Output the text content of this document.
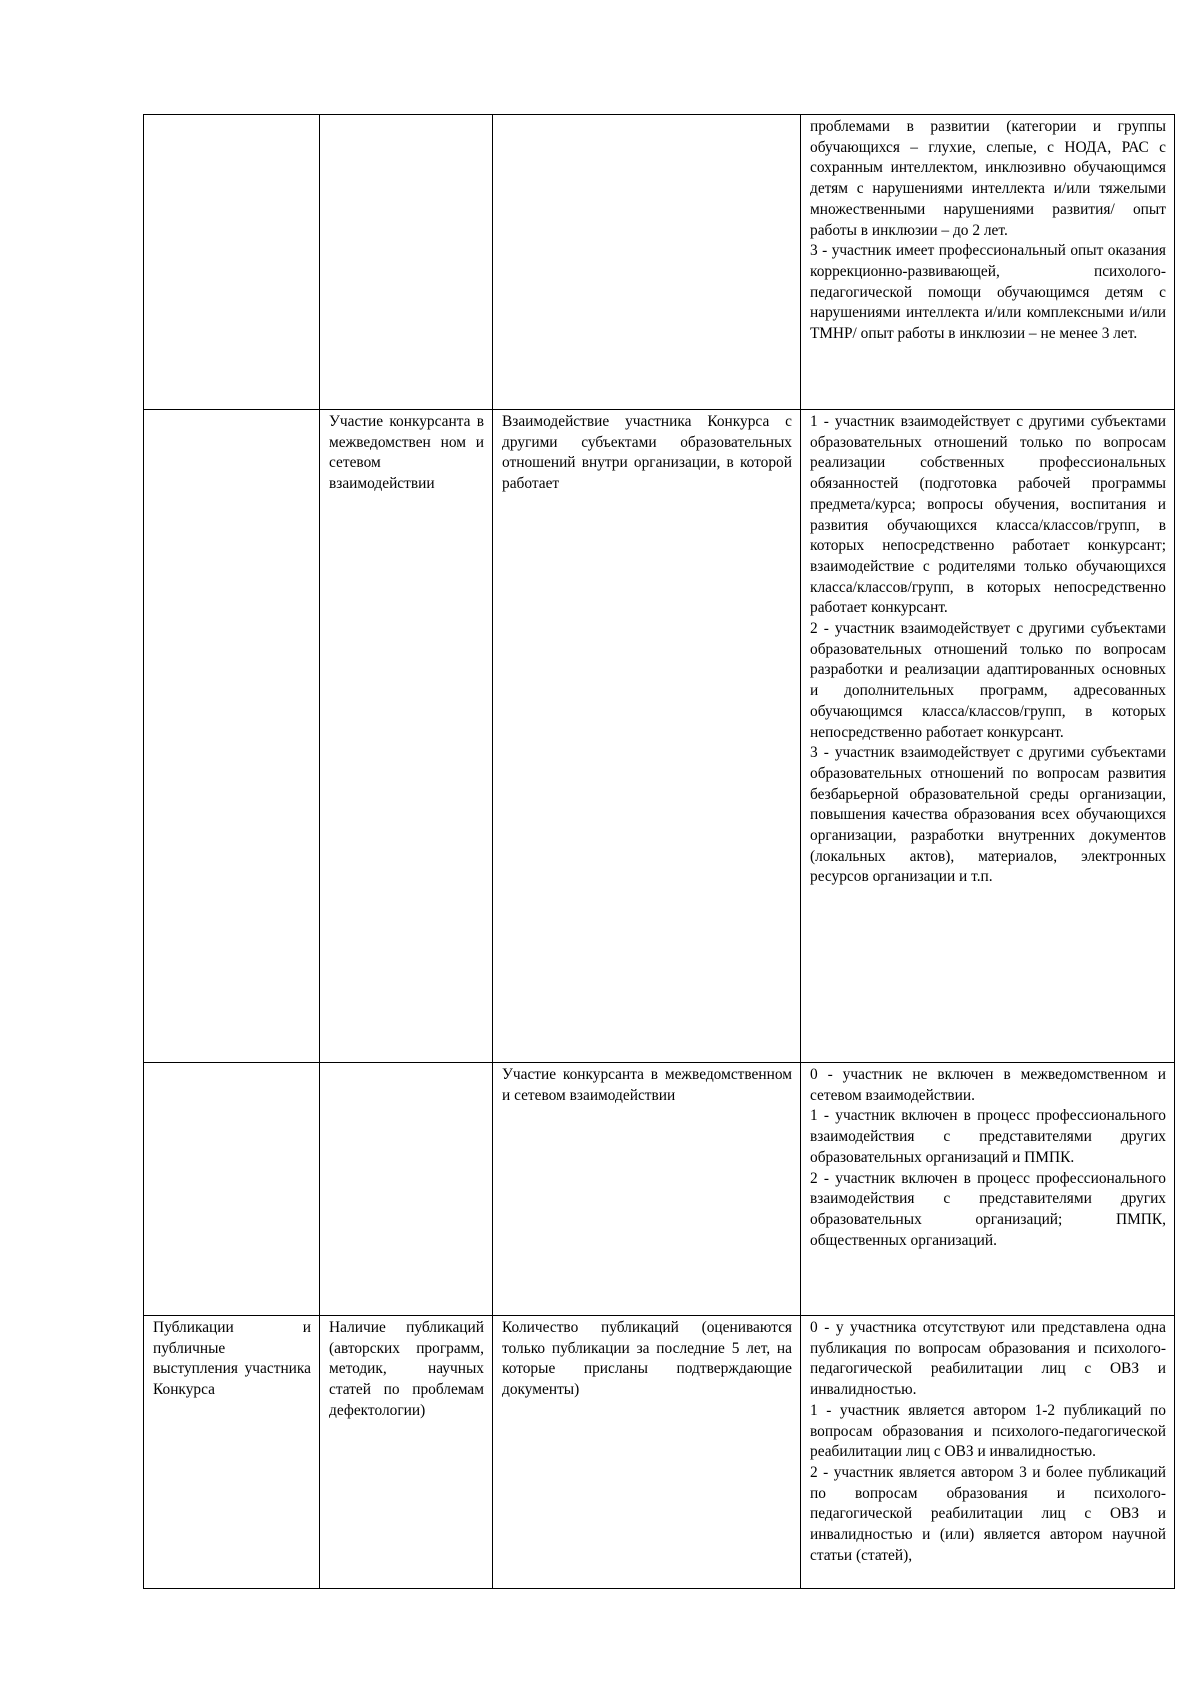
			проблемами в развитии (категории и группы обучающихся – глухие, слепые, с НОДА, РАС с сохранным интеллектом, инклюзивно обучающимся детям с нарушениями интеллекта и/или тяжелыми множественными нарушениями развития/ опыт работы в инклюзии – до 2 лет.

3 - участник имеет профессиональный опыт оказания коррекционно-развивающей, психолого-педагогической помощи обучающимся детям с нарушениями интеллекта и/или комплексными и/или ТМНР/ опыт работы в инклюзии – не менее 3 лет.

	Участие конкурсанта в межведомствен ном и сетевом взаимодействии	Взаимодействие участника Конкурса с другими субъектами образовательных отношений внутри организации, в которой работает	1 - участник взаимодействует с другими субъектами образовательных отношений только по вопросам реализации собственных профессиональных обязанностей (подготовка рабочей программы предмета/курса; вопросы обучения, воспитания и развития обучающихся класса/классов/групп, в которых непосредственно работает конкурсант; взаимодействие с родителями только обучающихся класса/классов/групп, в которых непосредственно работает конкурсант.

2 - участник взаимодействует с другими субъектами образовательных отношений только по вопросам разработки и реализации адаптированных основных и дополнительных программ, адресованных обучающимся класса/классов/групп, в которых непосредственно работает конкурсант.

3 - участник взаимодействует с другими субъектами образовательных отношений по вопросам развития безбарьерной образовательной среды организации, повышения качества образования всех обучающихся организации, разработки внутренних документов (локальных актов), материалов, электронных ресурсов организации и т.п.

		Участие конкурсанта в межведомственном и сетевом взаимодействии	0 - участник не включен в межведомственном и сетевом взаимодействии.

1 - участник включен в процесс профессионального взаимодействия с представителями других образовательных организаций и ПМПК.

2 - участник включен в процесс профессионального взаимодействия с представителями других образовательных организаций; ПМПК, общественных организаций.

Публикации и публичные выступления участника Конкурса	Наличие публикаций (авторских программ, методик, научных статей по проблемам дефектологии)	Количество публикаций (оцениваются только публикации за последние 5 лет, на которые присланы подтверждающие документы)	0 - у участника отсутствуют или представлена одна публикация по вопросам образования и психолого-педагогической реабилитации лиц с ОВЗ и инвалидностью.

1 - участник является автором 1-2 публикаций по вопросам образования и психолого-педагогической реабилитации лиц с ОВЗ и инвалидностью.

2 - участник является автором 3 и более публикаций по вопросам образования и психолого-педагогической реабилитации лиц с ОВЗ и инвалидностью и (или) является автором научной статьи (статей),
